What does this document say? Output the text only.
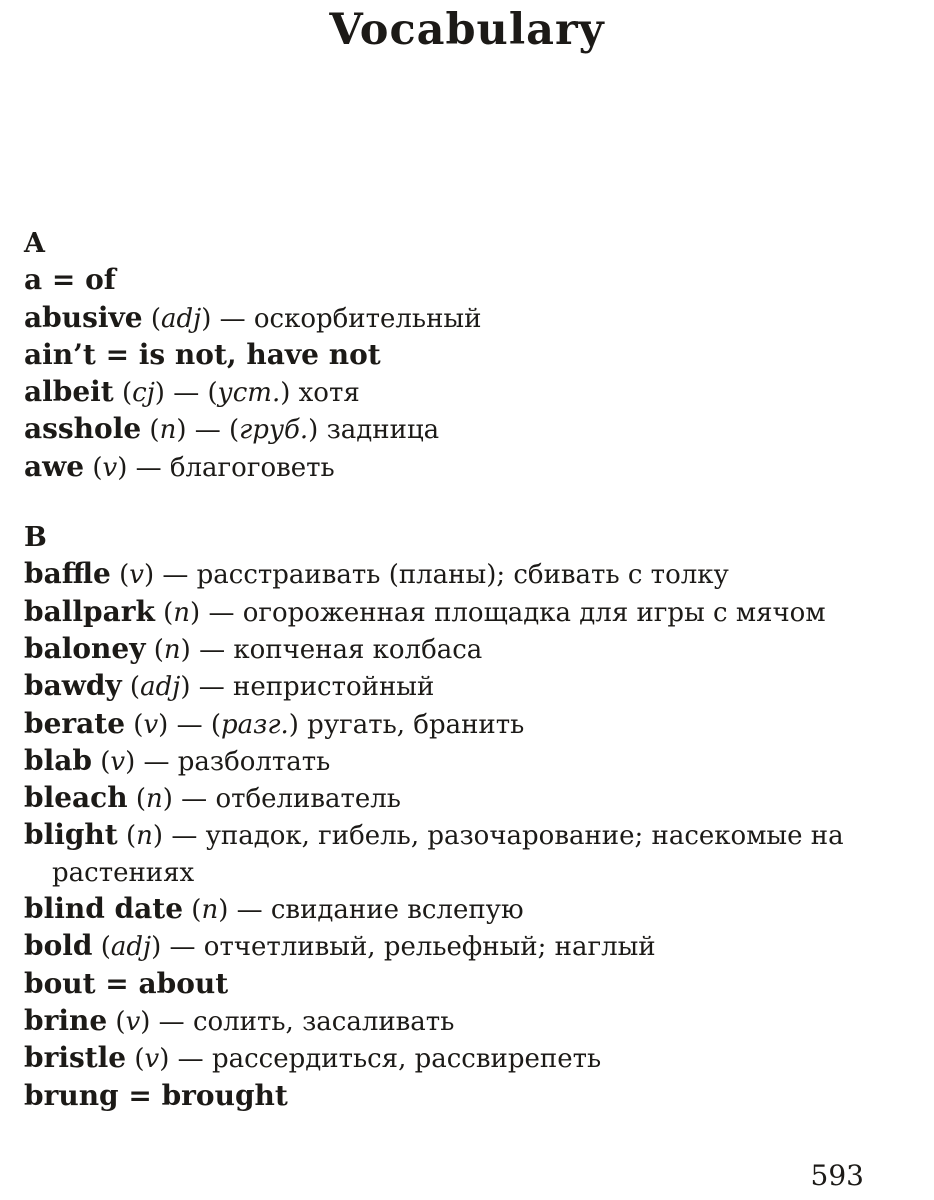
Vocabulary
A
a = of
abusive (adj) — оскорбительный
ain’t = is not, have not
albeit (cj) — (уст.) хотя
asshole (n) — (груб.) задница
awe (v) — благоговеть
B
baffle (v) — расстраивать (планы); сбивать с толку
ballpark (n) — огороженная площадка для игры с мячом
baloney (n) — копченая колбаса
bawdy (adj) — непристойный
berate (v) — (разг.) ругать, бранить
blab (v) — разболтать
bleach (n) — отбеливатель
blight (n) — упадок, гибель, разочарование; насекомые на растениях
blind date (n) — свидание вслепую
bold (adj) — отчетливый, рельефный; наглый
bout = about
brine (v) — солить, засаливать
bristle (v) — рассердиться, рассвирепеть
brung = brought
593
